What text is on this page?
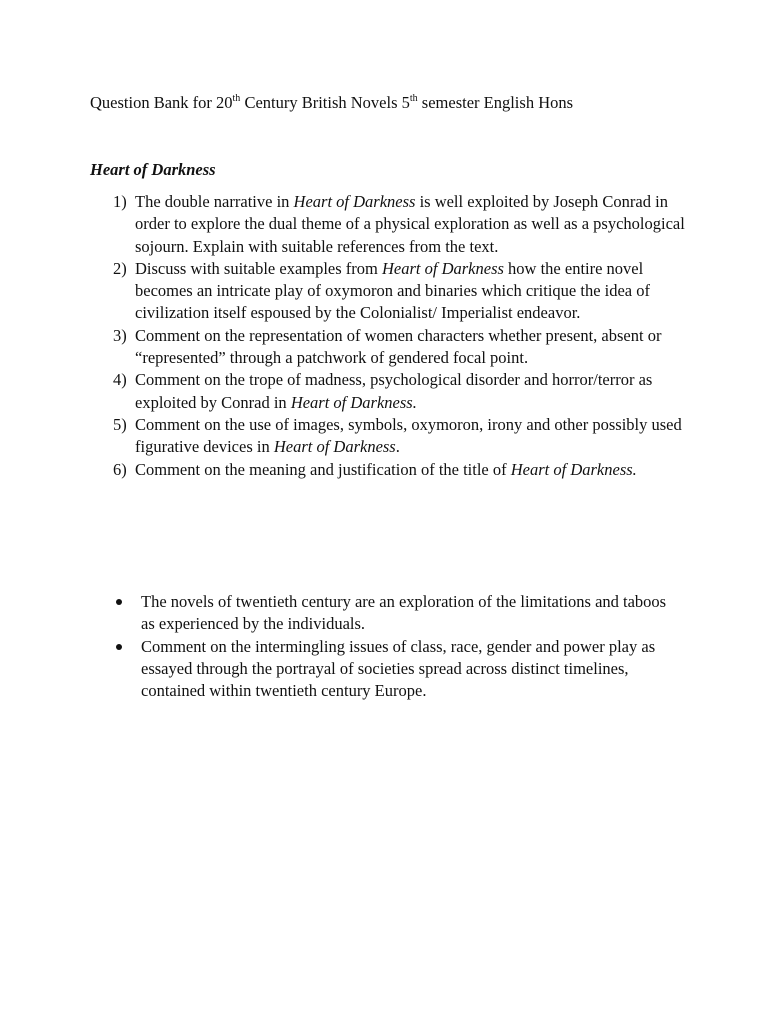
Question Bank for 20th Century British Novels 5th semester English Hons
Heart of Darkness
1) The double narrative in Heart of Darkness is well exploited by Joseph Conrad in order to explore the dual theme of a physical exploration as well as a psychological sojourn. Explain with suitable references from the text.
2) Discuss with suitable examples from Heart of Darkness how the entire novel becomes an intricate play of oxymoron and binaries which critique the idea of civilization itself espoused by the Colonialist/ Imperialist endeavor.
3) Comment on the representation of women characters whether present, absent or “represented” through a patchwork of gendered focal point.
4) Comment on the trope of madness, psychological disorder and horror/terror as exploited by Conrad in Heart of Darkness.
5) Comment on the use of images, symbols, oxymoron, irony and other possibly used figurative devices in Heart of Darkness.
6) Comment on the meaning and justification of the title of Heart of Darkness.
The novels of twentieth century are an exploration of the limitations and taboos as experienced by the individuals.
Comment on the intermingling issues of class, race, gender and power play as essayed through the portrayal of societies spread across distinct timelines, contained within twentieth century Europe.
